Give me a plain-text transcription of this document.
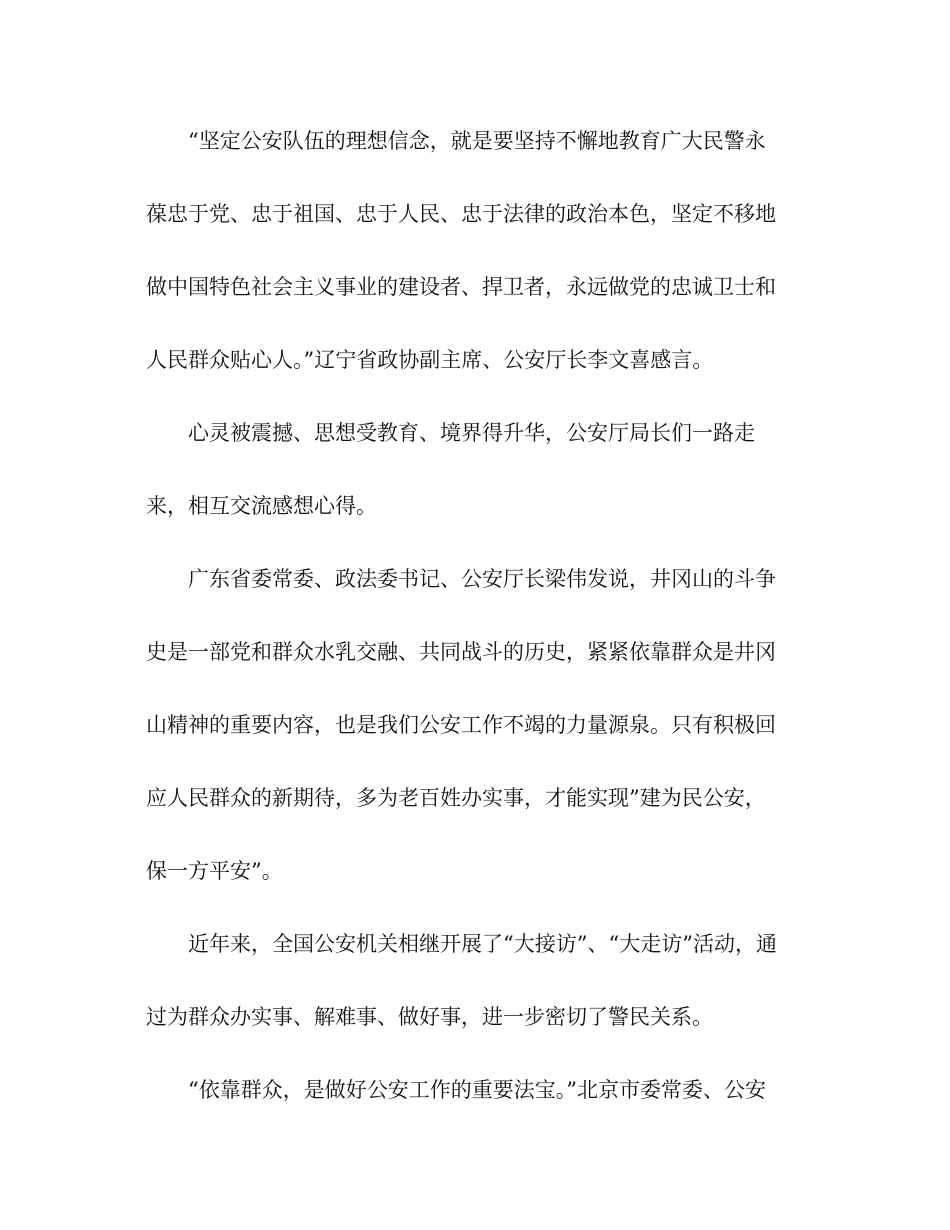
“坚定公安队伍的理想信念，就是要坚持不懈地教育广大民警永
葆忠于党、忠于祖国、忠于人民、忠于法律的政治本色，坚定不移地
做中国特色社会主义事业的建设者、捍卫者，永远做党的忠诚卫士和
人民群众贴心人。”辽宁省政协副主席、公安厅长李文喜感言。
心灵被震撼、思想受教育、境界得升华，公安厅局长们一路走
来，相互交流感想心得。
广东省委常委、政法委书记、公安厅长梁伟发说，井冈山的斗争
史是一部党和群众水乳交融、共同战斗的历史，紧紧依靠群众是井冈
山精神的重要内容，也是我们公安工作不竭的力量源泉。只有积极回
应人民群众的新期待，多为老百姓办实事，才能实现”建为民公安，
保一方平安”。
近年来，全国公安机关相继开展了“大接访”、“大走访”活动，通
过为群众办实事、解难事、做好事，进一步密切了警民关系。
“依靠群众，是做好公安工作的重要法宝。”北京市委常委、公安
